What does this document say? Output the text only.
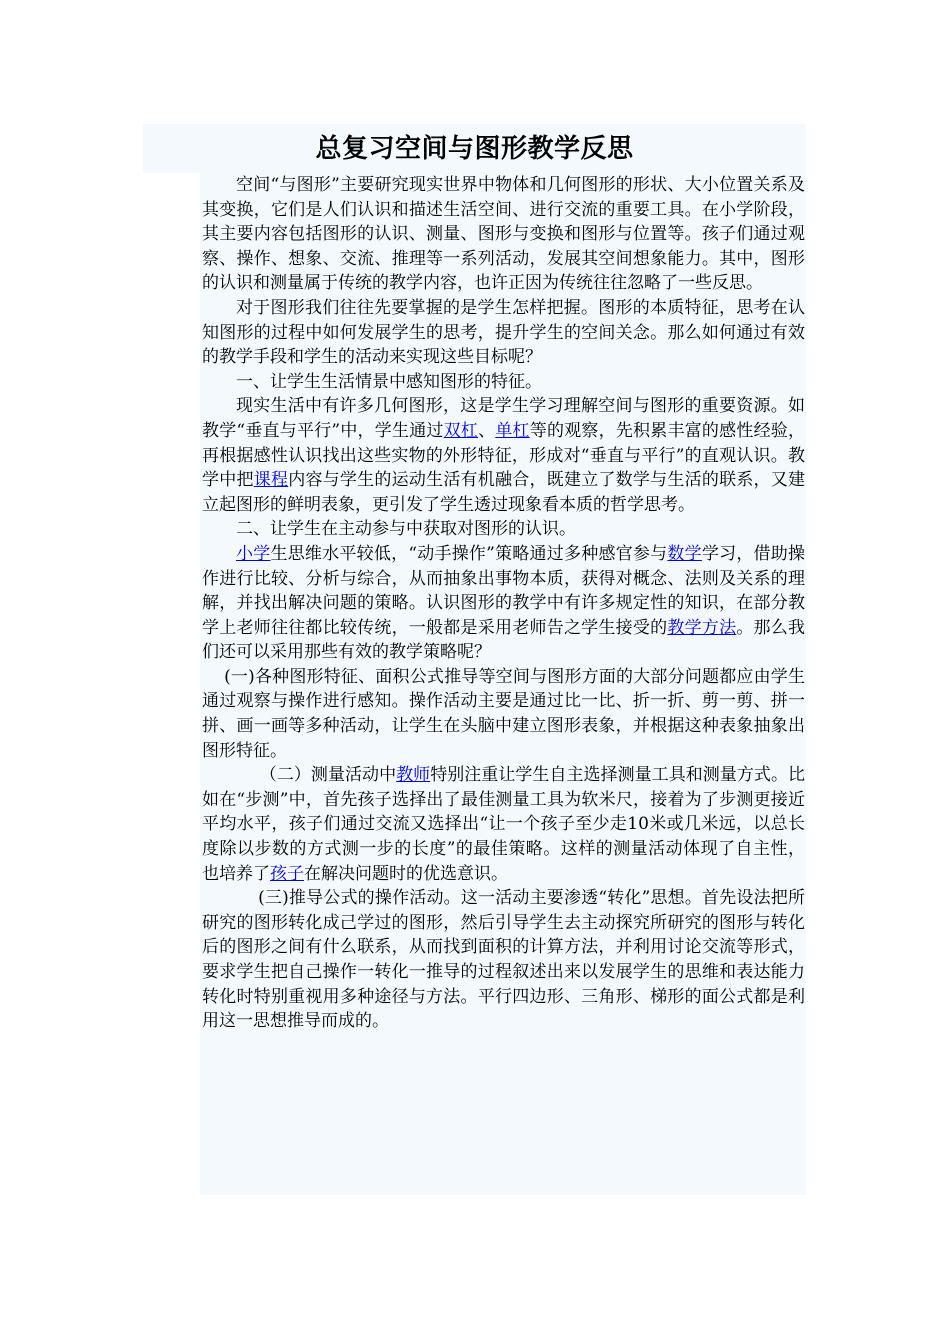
总复习空间与图形教学反思

空间“与图形”主要研究现实世界中物体和几何图形的形状、大小位置关系及其变换，它们是人们认识和描述生活空间、进行交流的重要工具。在小学阶段，其主要内容包括图形的认识、测量、图形与变换和图形与位置等。孩子们通过观察、操作、想象、交流、推理等一系列活动，发展其空间想象能力。其中，图形的认识和测量属于传统的教学内容，也许正因为传统往往忽略了一些反思。

对于图形我们往往先要掌握的是学生怎样把握。图形的本质特征，思考在认知图形的过程中如何发展学生的思考，提升学生的空间关念。那么如何通过有效的教学手段和学生的活动来实现这些目标呢？

一、让学生生活情景中感知图形的特征。

现实生活中有许多几何图形，这是学生学习理解空间与图形的重要资源。如教学“垂直与平行”中，学生通过双杠、单杠等的观察，先积累丰富的感性经验，再根据感性认识找出这些实物的外形特征，形成对“垂直与平行”的直观认识。教学中把课程内容与学生的运动生活有机融合，既建立了数学与生活的联系，又建立起图形的鲜明表象，更引发了学生透过现象看本质的哲学思考。

二、让学生在主动参与中获取对图形的认识。

小学生思维水平较低，“动手操作”策略通过多种感官参与数学学习，借助操作进行比较、分析与综合，从而抽象出事物本质，获得对概念、法则及关系的理解，并找出解决问题的策略。认识图形的教学中有许多规定性的知识，在部分教学上老师往往都比较传统，一般都是采用老师告之学生接受的教学方法。那么我们还可以采用那些有效的教学策略呢？

(一)各种图形特征、面积公式推导等空间与图形方面的大部分问题都应由学生通过观察与操作进行感知。操作活动主要是通过比一比、折一折、剪一剪、拼一拼、画一画等多种活动，让学生在头脑中建立图形表象，并根据这种表象抽象出图形特征。

（二）测量活动中教师特别注重让学生自主选择测量工具和测量方式。比如在“步测”中，首先孩子选择出了最佳测量工具为软米尺，接着为了步测更接近平均水平，孩子们通过交流又选择出“让一个孩子至少走10米或几米远，以总长度除以步数的方式测一步的长度”的最佳策略。这样的测量活动体现了自主性，也培养了孩子在解决问题时的优选意识。

(三)推导公式的操作活动。这一活动主要渗透“转化”思想。首先设法把所研究的图形转化成己学过的图形，然后引导学生去主动探究所研究的图形与转化后的图形之间有什么联系，从而找到面积的计算方法，并利用讨论交流等形式，要求学生把自己操作一转化一推导的过程叙述出来以发展学生的思维和表达能力转化时特别重视用多种途径与方法。平行四边形、三角形、梯形的面公式都是利用这一思想推导而成的。
